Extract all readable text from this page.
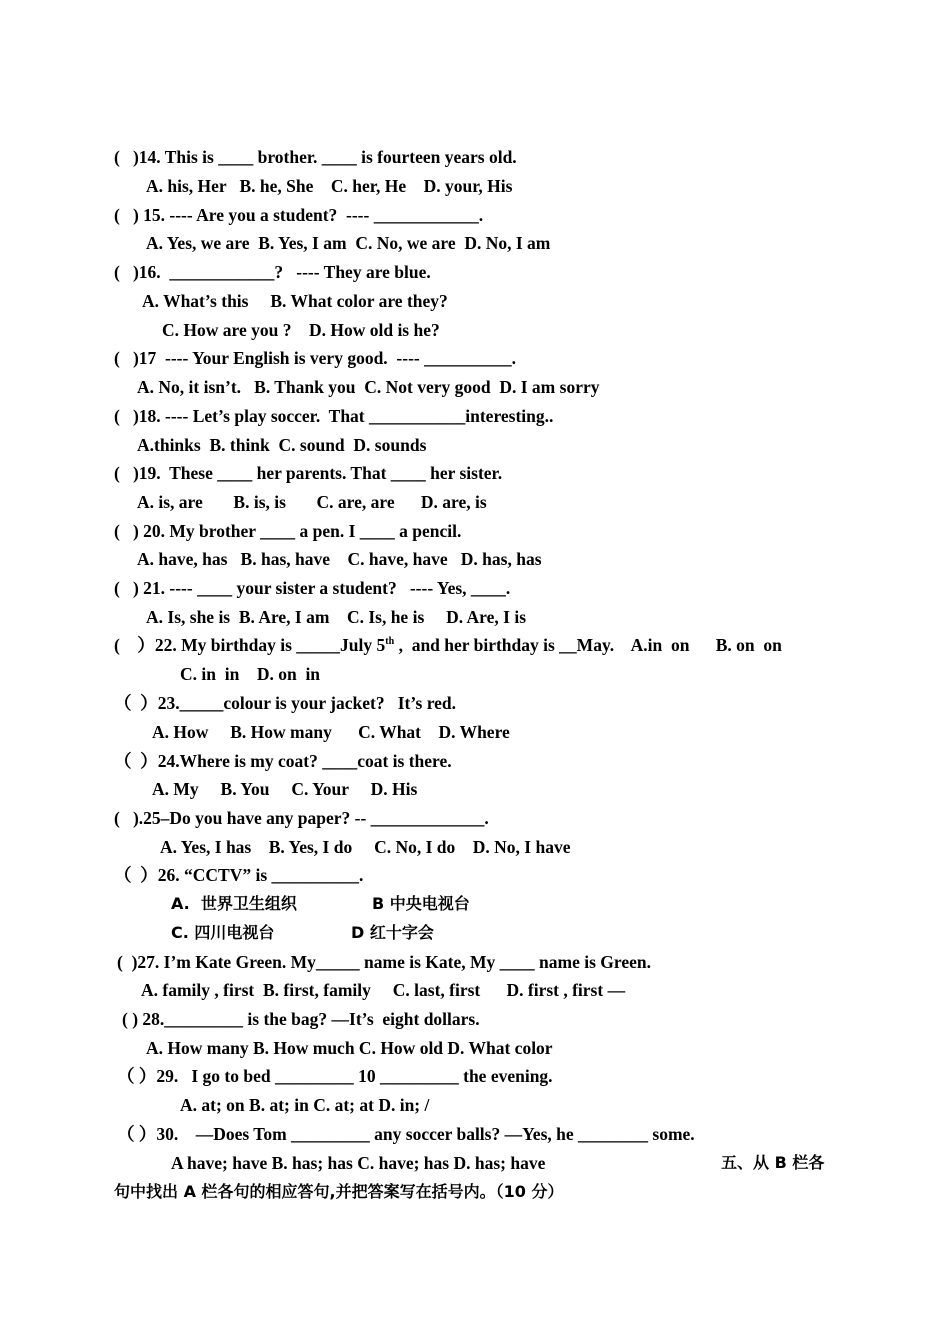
(   )14. This is ____ brother. ____ is fourteen years old.
A. his, Her   B. he, She    C. her, He    D. your, His
(   ) 15. ---- Are you a student?  ---- ____________.
A. Yes, we are  B. Yes, I am  C. No, we are  D. No, I am
(   )16.  ____________?   ---- They are blue.
A. What’s this     B. What color are they?
C. How are you ?    D. How old is he?
(   )17  ---- Your English is very good.  ---- __________.
A. No, it isn’t.   B. Thank you  C. Not very good  D. I am sorry
(   )18. ---- Let’s play soccer.  That ___________interesting..
A.thinks  B. think  C. sound  D. sounds
(   )19.  These ____ her parents. That ____ her sister.
A. is, are       B. is, is       C. are, are      D. are, is
(   ) 20. My brother ____ a pen. I ____ a pencil.
A. have, has   B. has, have    C. have, have   D. has, has
(   ) 21. ---- ____ your sister a student?   ---- Yes, ____.
A. Is, she is  B. Are, I am    C. Is, he is     D. Are, I is
(    ）22. My birthday is _____July 5th ,  and her birthday is __May.    A.in  on      B. on  on
C. in  in    D. on  in
（  ）23._____colour is your jacket?   It’s red.
A. How     B. How many      C. What    D. Where
（  ）24.Where is my coat? ____coat is there.
A. My     B. You     C. Your     D. His
(   ).25–Do you have any paper? -- _____________.
A. Yes, I has    B. Yes, I do     C. No, I do    D. No, I have
（  ）26. “CCTV” is __________.
A.  世界卫生组织	B 中央电视台
C. 四川电视台	D 红十字会
(  )27. I’m Kate Green. My_____ name is Kate, My ____ name is Green.
A. family , first  B. first, family     C. last, first      D. first , first —
( ) 28._________ is the bag? —It’s  eight dollars.
A. How many B. How much C. How old D. What color
（ ）29.   I go to bed _________ 10 _________ the evening.
A. at; on B. at; in C. at; at D. in; /
（ ）30.    —Does Tom _________ any soccer balls? —Yes, he ________ some.
A have; have B. has; has C. have; has D. has; have	五、从 B 栏各
句中找出 A 栏各句的相应答句,并把答案写在括号内。（10 分）
